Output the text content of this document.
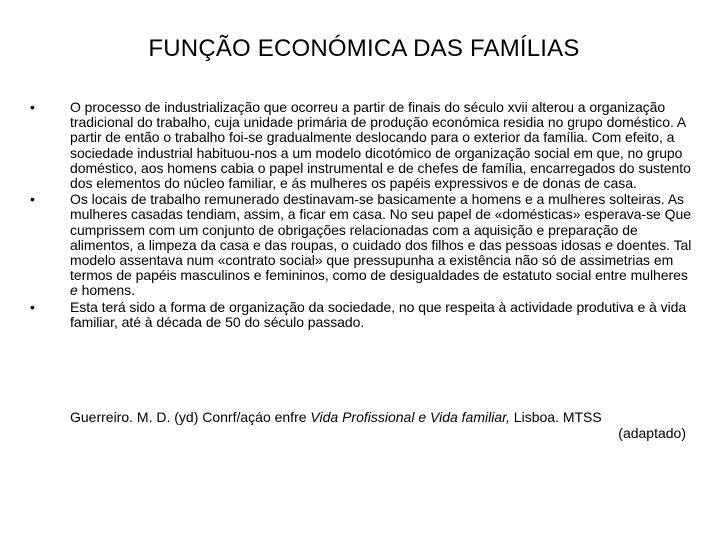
FUNÇÃO ECONÓMICA DAS FAMÍLIAS
•	O processo de industrialização que ocorreu a partir de finais do século xvii alterou a organização tradicional do trabalho, cuja unidade primária de produção económica residia no grupo doméstico. A partir de então o trabalho foi-se gradualmente deslocando para o exterior da família. Com efeito, a sociedade industrial habituou-nos a um modelo dicotómico de organização social em que, no grupo doméstico, aos homens cabia o papel instrumental e de chefes de família, encarregados do sustento dos elementos do núcleo familiar, e ás mulheres os papéis expressivos e de donas de casa.
•	Os locais de trabalho remunerado destinavam-se basicamente a homens e a mulheres solteiras. As mulheres casadas tendiam, assim, a ficar em casa. No seu papel de «domésticas» esperava-se Que cumprissem com um conjunto de obrigações relacionadas com a aquisição e preparação de alimentos, a limpeza da casa e das roupas, o cuidado dos filhos e das pessoas idosas e doentes. Tal modelo assentava num «contrato social» que pressupunha a existência não só de assimetrias em termos de papéis masculinos e femininos, como de desigualdades de estatuto social entre mulheres e homens.
•	Esta terá sido a forma de organização da sociedade, no que respeita à actividade produtiva e à vida familiar, até à década de 50 do século passado.
Guerreiro. M. D. (yd) Conrf/açáo enfre Vida Profissional e Vida familiar, Lisboa. MTSS
(adaptado)
